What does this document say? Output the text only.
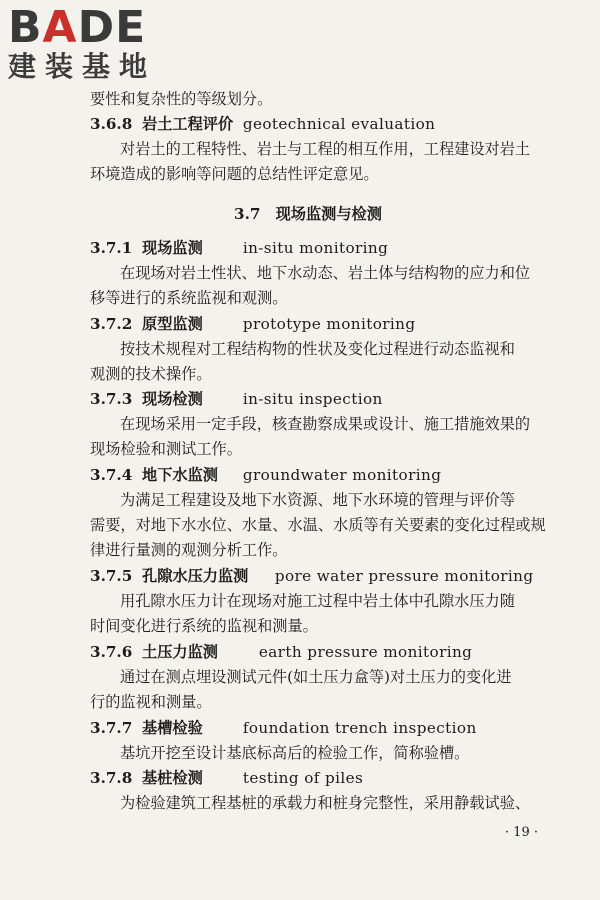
BADE
建装基地
要性和复杂性的等级划分。
3.6.8 岩土工程评价 geotechnical evaluation
对岩土的工程特性、岩土与工程的相互作用，工程建设对岩土
环境造成的影响等问题的总结性评定意见。
3.7　现场监测与检测
3.7.1 现场监测	in-situ monitoring
在现场对岩土性状、地下水动态、岩土体与结构物的应力和位
移等进行的系统监视和观测。
3.7.2 原型监测	prototype monitoring
按技术规程对工程结构物的性状及变化过程进行动态监视和
观测的技术操作。
3.7.3 现场检测	in-situ inspection
在现场采用一定手段，核查勘察成果或设计、施工措施效果的
现场检验和测试工作。
3.7.4 地下水监测 groundwater monitoring
为满足工程建设及地下水资源、地下水环境的管理与评价等
需要，对地下水水位、水量、水温、水质等有关要素的变化过程或规
律进行量测的观测分析工作。
3.7.5 孔隙水压力监测 pore water pressure monitoring
用孔隙水压力计在现场对施工过程中岩土体中孔隙水压力随
时间变化进行系统的监视和测量。
3.7.6 土压力监测	earth pressure monitoring
通过在测点埋设测试元件(如土压力盒等)对土压力的变化进
行的监视和测量。
3.7.7 基槽检验	foundation trench inspection
基坑开挖至设计基底标高后的检验工作，简称验槽。
3.7.8 基桩检测	testing of piles
为检验建筑工程基桩的承载力和桩身完整性，采用静载试验、
· 19 ·
